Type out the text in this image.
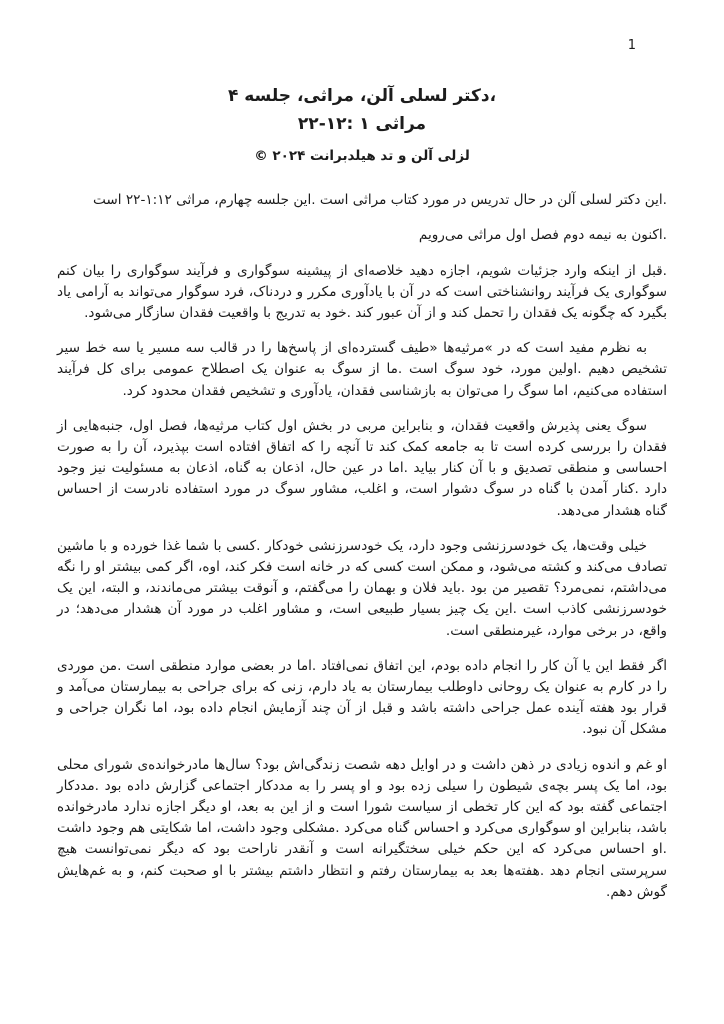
1
،دکتر لسلی آلن، مراثی، جلسه ۴
مراثی ۱ :۱۲-۲۲
لزلی آلن و تد هیلدبرانت ۲۰۲۴ ©

.این دکتر لسلی آلن در حال تدریس در مورد کتاب مراثی است .این جلسه چهارم، مراثی ۱:۱۲-۲۲ است

.اکنون به نیمه دوم فصل اول مراثی می‌رویم

.قبل از اینکه وارد جزئیات شویم، اجازه دهید خلاصه‌ای از پیشینه سوگواری و فرآیند سوگواری را بیان کنم سوگواری یک فرآیند روانشناختی است که در آن با یادآوری مکرر و دردناک، فرد سوگوار می‌تواند به آرامی یاد بگیرد که چگونه یک فقدان را تحمل کند و از آن عبور کند .خود به تدریج با واقعیت فقدان سازگار می‌شود.

به نظرم مفید است که در »مرثیه‌ها «طیف گسترده‌ای از پاسخ‌ها را در قالب سه مسیر یا سه خط سیر تشخیص دهیم .اولین مورد، خود سوگ است .ما از سوگ به عنوان یک اصطلاح عمومی برای کل فرآیند استفاده می‌کنیم، اما سوگ را می‌توان به بازشناسی فقدان، یادآوری و تشخیص فقدان محدود کرد.

سوگ یعنی پذیرش واقعیت فقدان، و بنابراین مربی در بخش اول کتاب مرثیه‌ها، فصل اول، جنبه‌هایی از فقدان را بررسی کرده است تا به جامعه کمک کند تا آنچه را که اتفاق افتاده است بپذیرد، آن را به صورت احساسی و منطقی تصدیق و با آن کنار بیاید .اما در عین حال، اذعان به گناه، اذعان به مسئولیت نیز وجود دارد .کنار آمدن با گناه در سوگ دشوار است، و اغلب، مشاور سوگ در مورد استفاده نادرست از احساس گناه هشدار می‌دهد.

خیلی وقت‌ها، یک خودسرزنشی وجود دارد، یک خودسرزنشی خودکار .کسی با شما غذا خورده و با ماشین تصادف می‌کند و کشته می‌شود، و ممکن است کسی که در خانه است فکر کند، اوه، اگر کمی بیشتر او را نگه می‌داشتم، نمی‌مرد؟ تقصیر من بود .باید فلان و بهمان را می‌گفتم، و آنوقت بیشتر می‌ماندند، و البته، این یک خودسرزنشی کاذب است .این یک چیز بسیار طبیعی است، و مشاور اغلب در مورد آن هشدار می‌دهد؛ در واقع، در برخی موارد، غیرمنطقی است.

اگر فقط این یا آن کار را انجام داده بودم، این اتفاق نمی‌افتاد .اما در بعضی موارد منطقی است .من موردی را در کارم به عنوان یک روحانی داوطلب بیمارستان به یاد دارم، زنی که برای جراحی به بیمارستان می‌آمد و قرار بود هفته آینده عمل جراحی داشته باشد و قبل از آن چند آزمایش انجام داده بود، اما نگران جراحی و مشکل آن نبود.

او غم و اندوه زیادی در ذهن داشت و در اوایل دهه شصت زندگی‌اش بود؟ سال‌ها مادرخوانده‌ی شورای محلی بود، اما یک پسر بچه‌ی شیطون را سیلی زده بود و او پسر را به مددکار اجتماعی گزارش داده بود .مددکار اجتماعی گفته بود که این کار تخطی از سیاست شورا است و از این به بعد، او دیگر اجازه ندارد مادرخوانده باشد، بنابراین او سوگواری می‌کرد و احساس گناه می‌کرد .مشکلی وجود داشت، اما شکایتی هم وجود داشت .او احساس می‌کرد که این حکم خیلی سختگیرانه است و آنقدر ناراحت بود که دیگر نمی‌توانست هیچ سرپرستی انجام دهد .هفته‌ها بعد به بیمارستان رفتم و انتظار داشتم بیشتر با او صحبت کنم، و به غم‌هایش گوش دهم.
